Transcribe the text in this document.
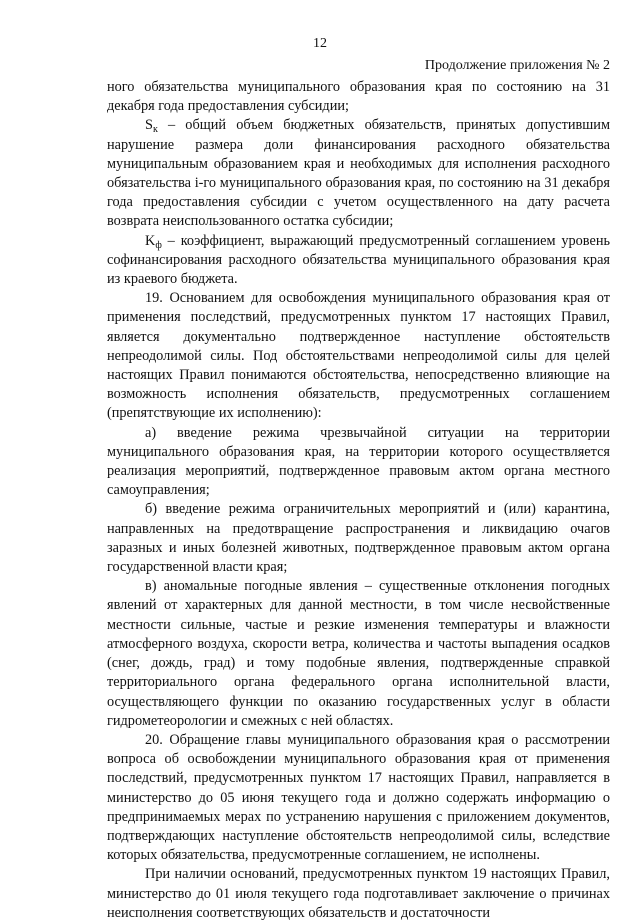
12
Продолжение приложения № 2

ного обязательства муниципального образования края по состоянию на 31 декабря года предоставления субсидии;

$S_к$ – общий объем бюджетных обязательств, принятых допустившим нарушение размера доли финансирования расходного обязательства муниципальным образованием края и необходимых для исполнения расходного обязательства i-го муниципального образования края, по состоянию на 31 декабря года предоставления субсидии с учетом осуществленного на дату расчета возврата неиспользованного остатка субсидии;

$K_ф$ – коэффициент, выражающий предусмотренный соглашением уровень софинансирования расходного обязательства муниципального образования края из краевого бюджета.

19. Основанием для освобождения муниципального образования края от применения последствий, предусмотренных пунктом 17 настоящих Правил, является документально подтвержденное наступление обстоятельств непреодолимой силы. Под обстоятельствами непреодолимой силы для целей настоящих Правил понимаются обстоятельства, непосредственно влияющие на возможность исполнения обязательств, предусмотренных соглашением (препятствующие их исполнению):

а) введение режима чрезвычайной ситуации на территории муниципального образования края, на территории которого осуществляется реализация мероприятий, подтвержденное правовым актом органа местного самоуправления;

б) введение режима ограничительных мероприятий и (или) карантина, направленных на предотвращение распространения и ликвидацию очагов заразных и иных болезней животных, подтвержденное правовым актом органа государственной власти края;

в) аномальные погодные явления – существенные отклонения погодных явлений от характерных для данной местности, в том числе несвойственные местности сильные, частые и резкие изменения температуры и влажности атмосферного воздуха, скорости ветра, количества и частоты выпадения осадков (снег, дождь, град) и тому подобные явления, подтвержденные справкой территориального органа федерального органа исполнительной власти, осуществляющего функции по оказанию государственных услуг в области гидрометеорологии и смежных с ней областях.

20. Обращение главы муниципального образования края о рассмотрении вопроса об освобождении муниципального образования края от применения последствий, предусмотренных пунктом 17 настоящих Правил, направляется в министерство до 05 июня текущего года и должно содержать информацию о предпринимаемых мерах по устранению нарушения с приложением документов, подтверждающих наступление обстоятельств непреодолимой силы, вследствие которых обязательства, предусмотренные соглашением, не исполнены.

При наличии оснований, предусмотренных пунктом 19 настоящих Правил, министерство до 01 июля текущего года подготавливает заключение о причинах неисполнения соответствующих обязательств и достаточности
